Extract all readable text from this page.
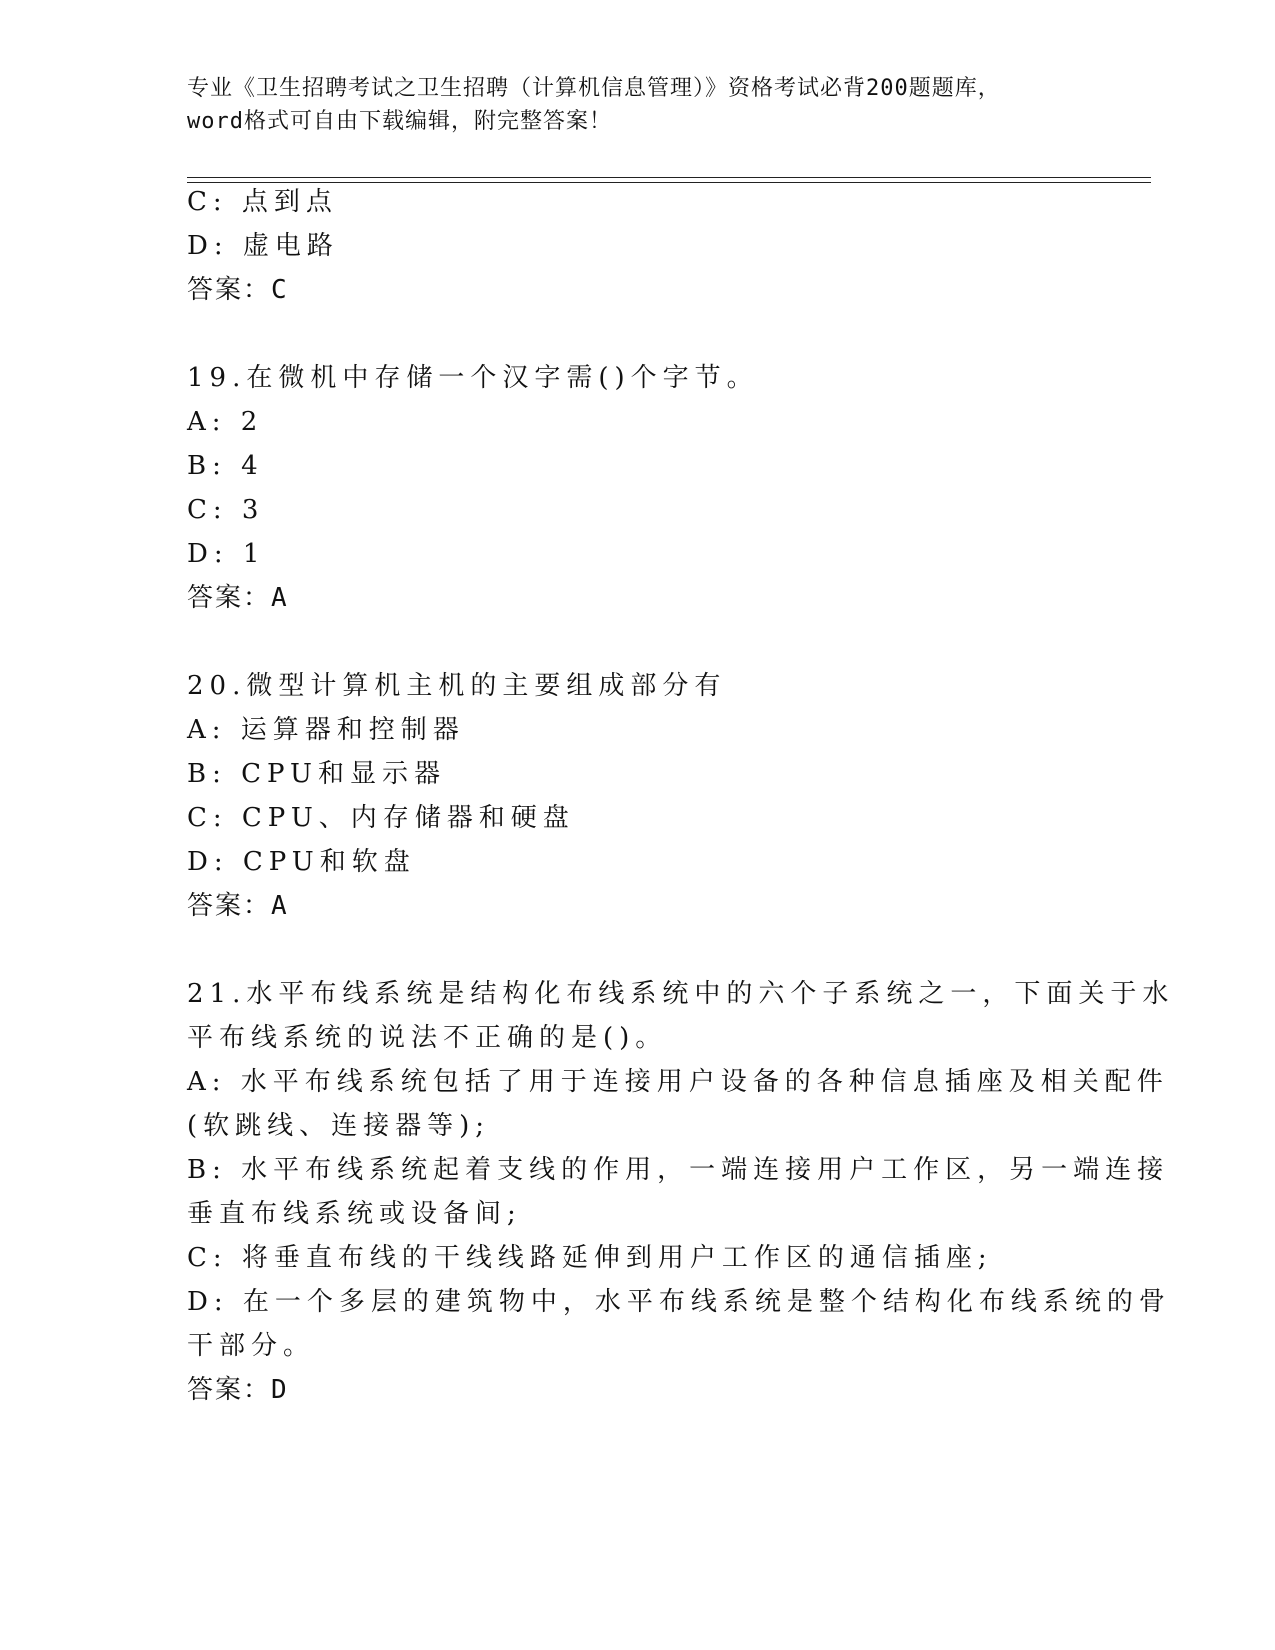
专业《卫生招聘考试之卫生招聘（计算机信息管理）》资格考试必背200题题库，
word格式可自由下载编辑，附完整答案！
C: 点到点
D: 虚电路
答案：C
19.在微机中存储一个汉字需()个字节。
A: 2
B: 4
C: 3
D: 1
答案：A
20.微型计算机主机的主要组成部分有
A: 运算器和控制器
B: CPU和显示器
C: CPU、内存储器和硬盘
D: CPU和软盘
答案：A
21.水平布线系统是结构化布线系统中的六个子系统之一，下面关于水
平布线系统的说法不正确的是()。
A: 水平布线系统包括了用于连接用户设备的各种信息插座及相关配件
(软跳线、连接器等);
B: 水平布线系统起着支线的作用，一端连接用户工作区，另一端连接
垂直布线系统或设备间;
C: 将垂直布线的干线线路延伸到用户工作区的通信插座;
D: 在一个多层的建筑物中，水平布线系统是整个结构化布线系统的骨
干部分。
答案：D
